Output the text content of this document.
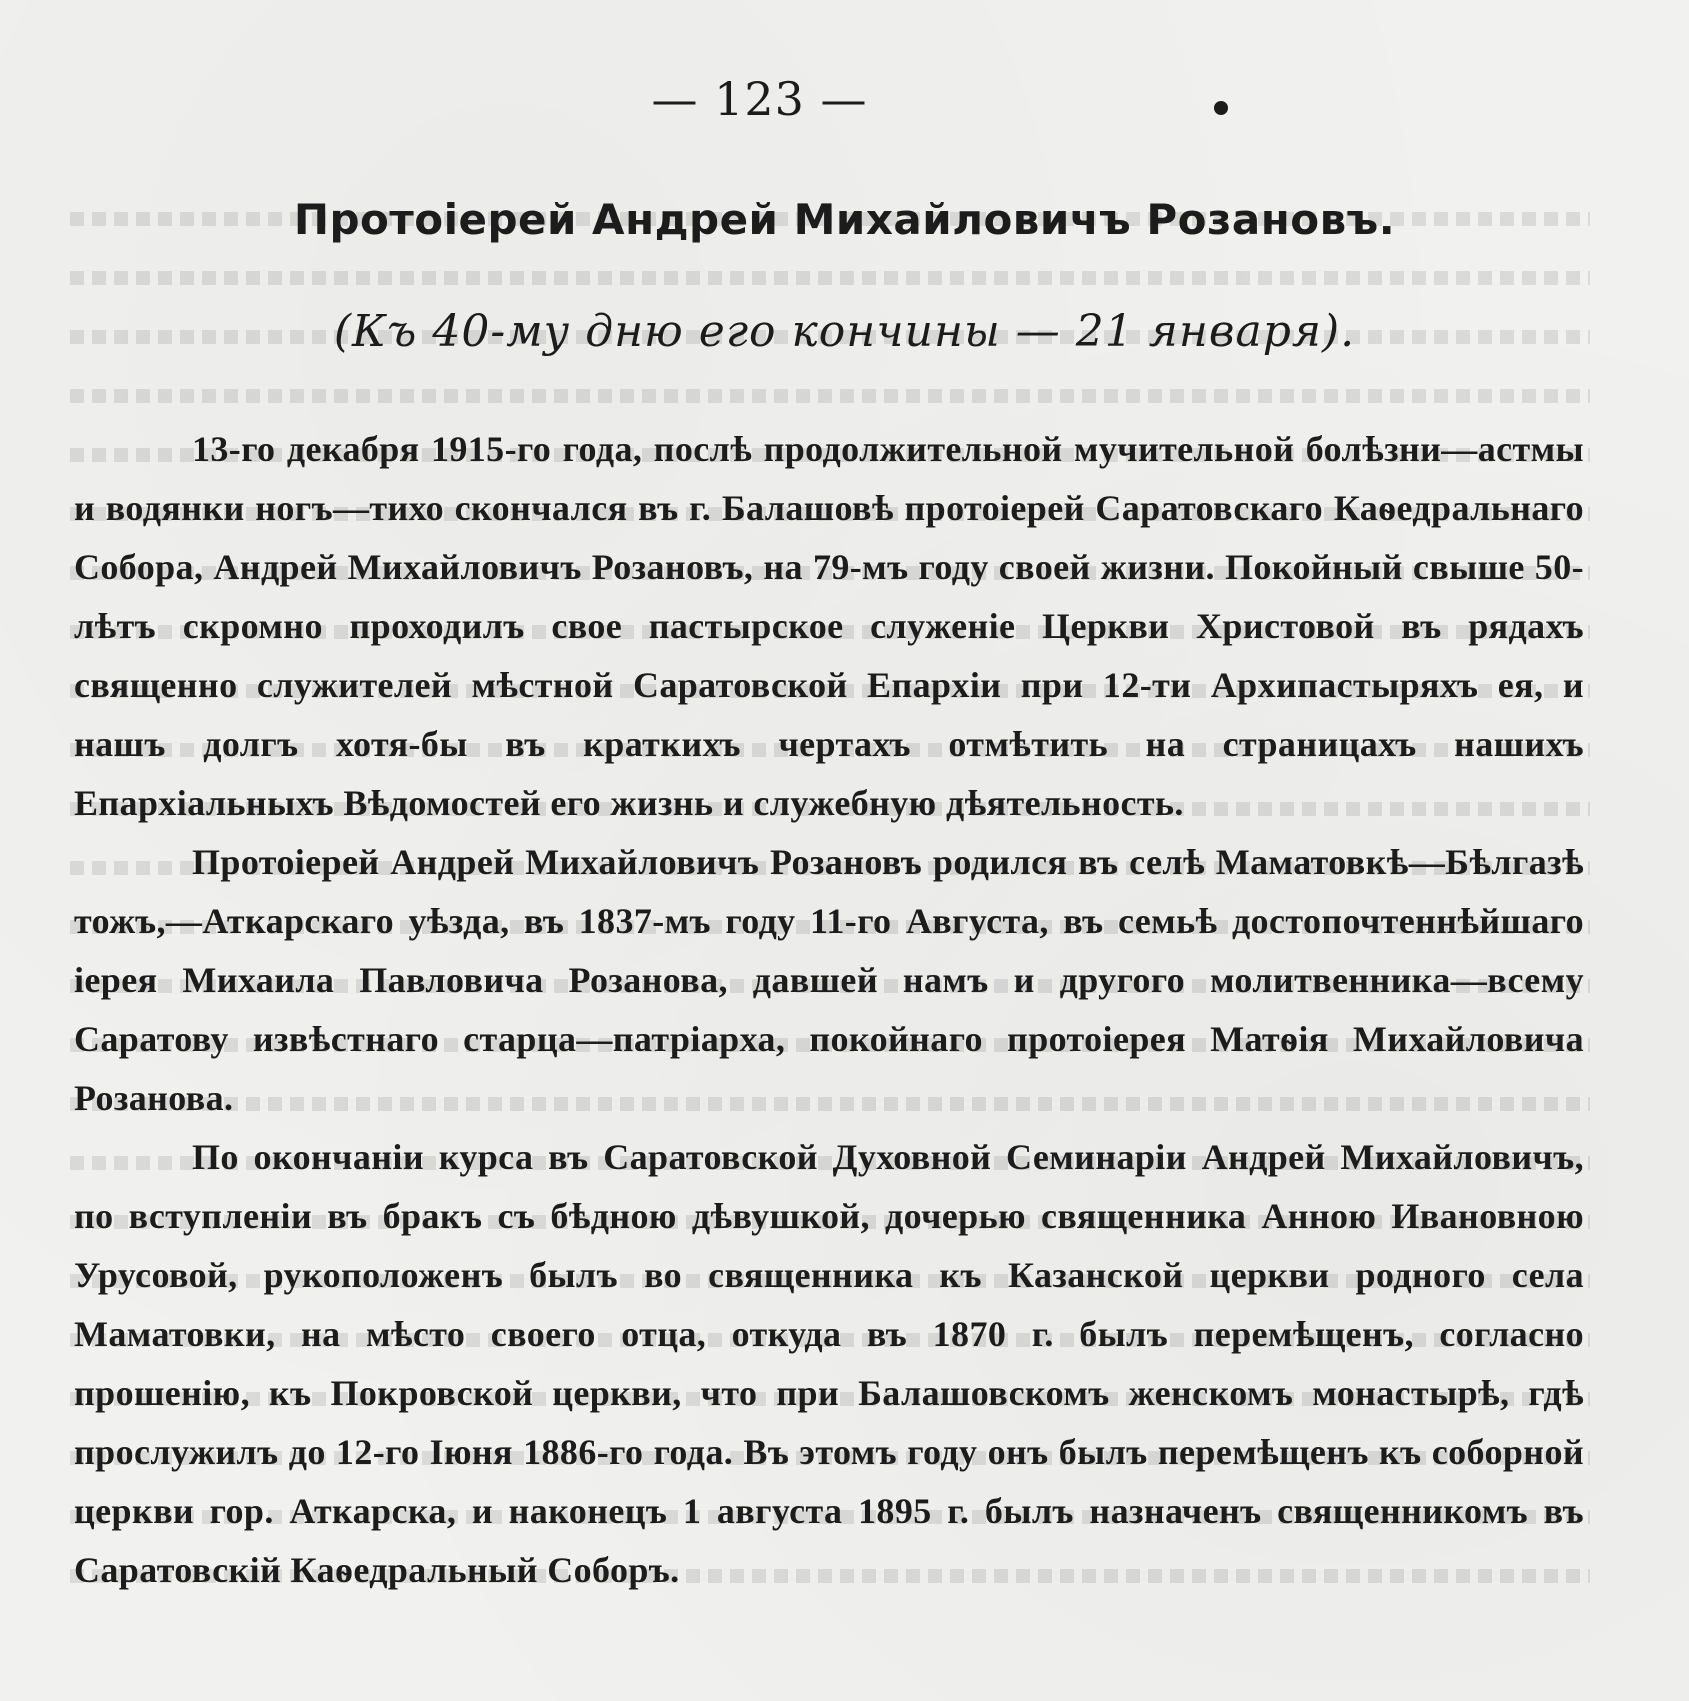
— 123 —
Протоіерей Андрей Михайловичъ Розановъ.
(Къ 40-му дню его кончины — 21 января).

13-го декабря 1915-го года, послѣ продолжительной мучительной болѣзни—астмы и водянки ногъ—тихо скончался въ г. Балашовѣ протоіерей Саратовскаго Каѳедральнаго Собора, Андрей Михайловичъ Розановъ, на 79-мъ году своей жизни. Покойный свыше 50-лѣтъ скромно проходилъ свое пастырское служеніе Церкви Христовой въ рядахъ священно служителей мѣстной Саратовской Епархіи при 12-ти Архипастыряхъ ея, и нашъ долгъ хотя-бы въ краткихъ чертахъ отмѣтить на страницахъ нашихъ Епархіальныхъ Вѣдомостей его жизнь и служебную дѣятельность.

Протоіерей Андрей Михайловичъ Розановъ родился въ селѣ Маматовкѣ—Бѣлгазѣ тожъ,—Аткарскаго уѣзда, въ 1837-мъ году 11-го Августа, въ семьѣ достопочтеннѣйшаго іерея Михаила Павловича Розанова, давшей намъ и другого молитвенника—всему Саратову извѣстнаго старца—патріарха, покойнаго протоіерея Матѳія Михайловича Розанова.

По окончаніи курса въ Саратовской Духовной Семинаріи Андрей Михайловичъ, по вступленіи въ бракъ съ бѣдною дѣвушкой, дочерью священника Анною Ивановною Урусовой, рукоположенъ былъ во священника къ Казанской церкви родного села Маматовки, на мѣсто своего отца, откуда въ 1870 г. былъ перемѣщенъ, согласно прошенію, къ Покровской церкви, что при Балашовскомъ женскомъ монастырѣ, гдѣ прослужилъ до 12-го Іюня 1886-го года. Въ этомъ году онъ былъ перемѣщенъ къ соборной церкви гор. Аткарска, и наконецъ 1 августа 1895 г. былъ назначенъ священникомъ въ Саратовскій Каѳедральный Соборъ.
